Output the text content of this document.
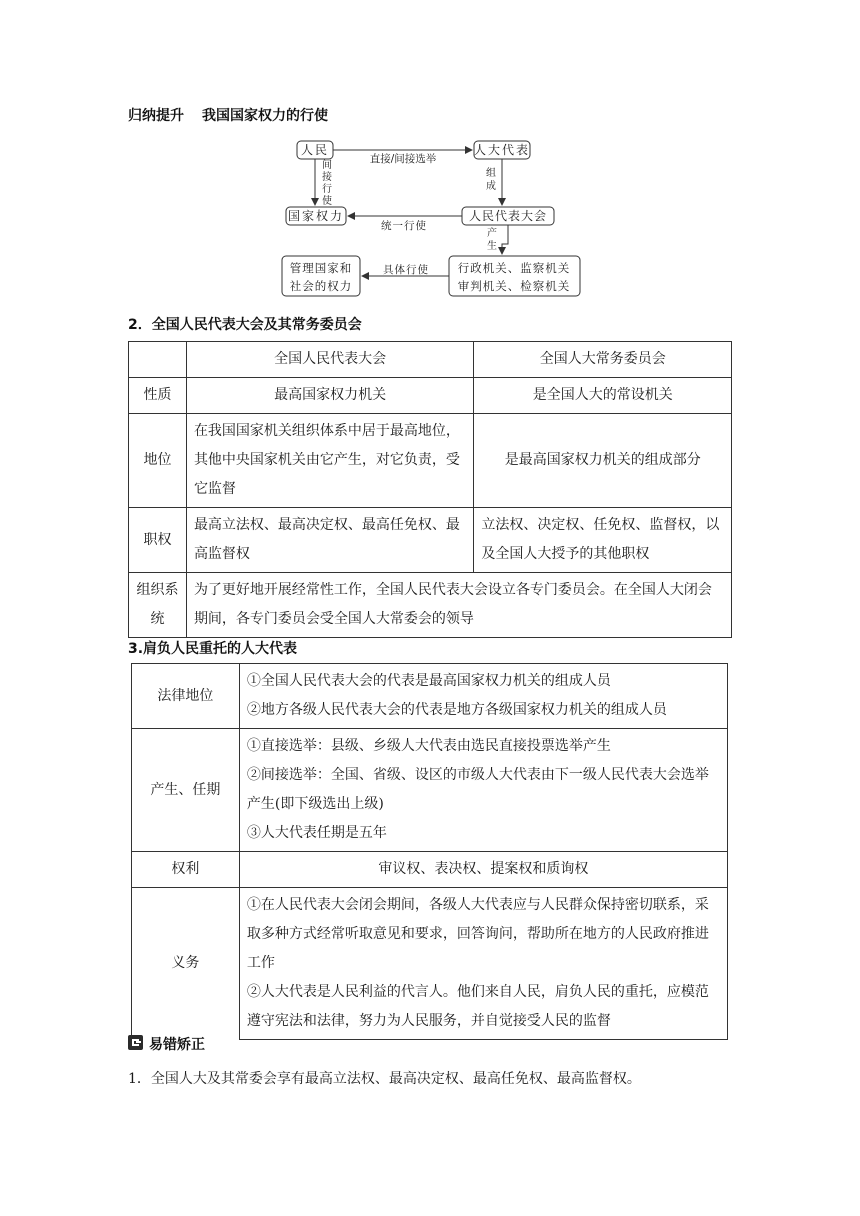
归纳提升 我国国家权力的行使
人民	人大代表
国家权力	人民代表大会
管理国家和
社会的权力
行政机关、监察机关
审判机关、检察机关
直接/间接选举
间
接
行
使
组
成
统一行使
产
生
具体行使
2．全国人民代表大会及其常务委员会
	全国人民代表大会	全国人大常务委员会
性质	最高国家权力机关	是全国人大的常设机关
地位	在我国国家机关组织体系中居于最高地位，其他中央国家机关由它产生，对它负责，受它监督	是最高国家权力机关的组成部分
职权	最高立法权、最高决定权、最高任免权、最高监督权	立法权、决定权、任免权、监督权，以及全国人大授予的其他职权
组织系统	为了更好地开展经常性工作，全国人民代表大会设立各专门委员会。在全国人大闭会期间，各专门委员会受全国人大常委会的领导	
3.肩负人民重托的人大代表
法律地位	①全国人民代表大会的代表是最高国家权力机关的组成人员
②地方各级人民代表大会的代表是地方各级国家权力机关的组成人员

产生、任期	①直接选举：县级、乡级人大代表由选民直接投票选举产生
②间接选举：全国、省级、设区的市级人大代表由下一级人民代表大会选举产生(即下级选出上级)
③人大代表任期是五年

权利	审议权、表决权、提案权和质询权

义务	①在人民代表大会闭会期间，各级人大代表应与人民群众保持密切联系，采取多种方式经常听取意见和要求，回答询问，帮助所在地方的人民政府推进工作
②人大代表是人民利益的代言人。他们来自人民，肩负人民的重托，应模范遵守宪法和法律，努力为人民服务，并自觉接受人民的监督
易错矫正
1．全国人大及其常委会享有最高立法权、最高决定权、最高任免权、最高监督权。
